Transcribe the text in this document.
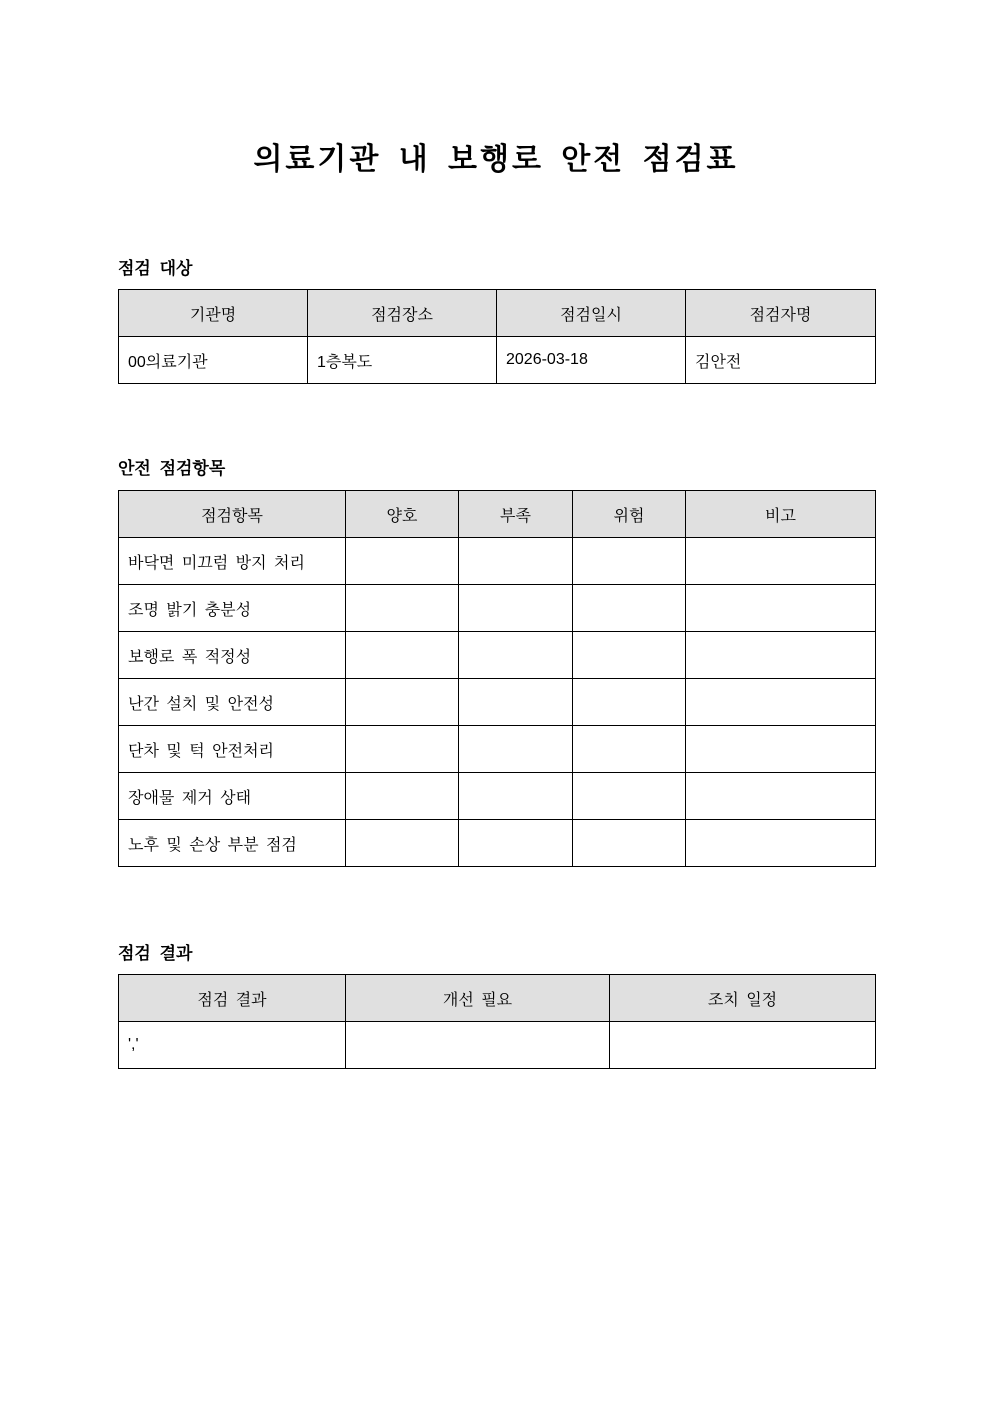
의료기관 내 보행로 안전 점검표
점검 대상
기관명	점검장소	점검일시	점검자명
00의료기관	1층복도	2026-03-18	김안전
안전 점검항목
점검항목	양호	부족	위험	비고
바닥면 미끄럼 방지 처리				
조명 밝기 충분성				
보행로 폭 적정성				
난간 설치 및 안전성				
단차 및 턱 안전처리				
장애물 제거 상태				
노후 및 손상 부분 점검				
점검 결과
점검 결과	개선 필요	조치 일정
','		
